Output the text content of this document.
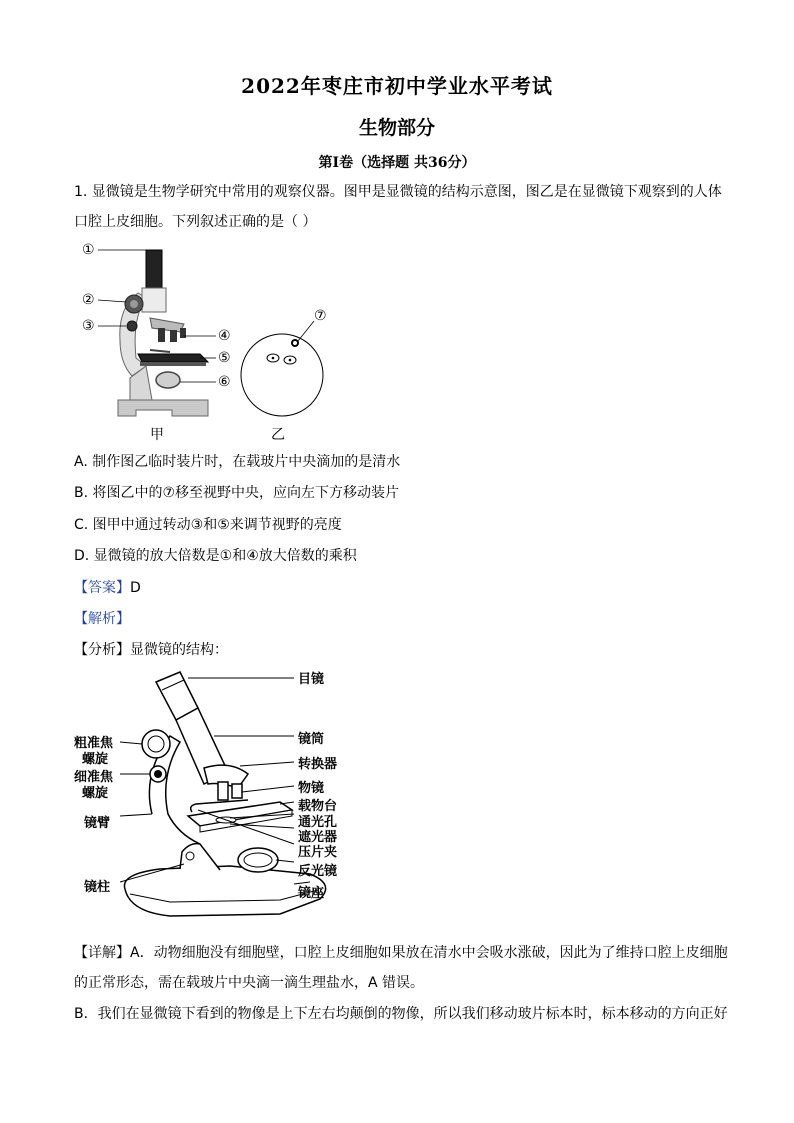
2022年枣庄市初中学业水平考试
生物部分
第Ⅰ卷（选择题 共36分）
1. 显微镜是生物学研究中常用的观察仪器。图甲是显微镜的结构示意图，图乙是在显微镜下观察到的人体
口腔上皮细胞。下列叙述正确的是（ ）
①
②
③
④
⑤
⑥
甲
⑦
乙
A. 制作图乙临时装片时，在载玻片中央滴加的是清水
B. 将图乙中的⑦移至视野中央，应向左下方移动装片
C. 图甲中通过转动③和⑤来调节视野的亮度
D. 显微镜的放大倍数是①和④放大倍数的乘积
【答案】D
【解析】
【分析】显微镜的结构：
目镜
镜筒
转换器
物镜
载物台
通光孔
遮光器
压片夹
反光镜
镜座
粗准焦
螺旋
细准焦
螺旋
镜臂
镜柱
【详解】A．动物细胞没有细胞壁，口腔上皮细胞如果放在清水中会吸水涨破，因此为了维持口腔上皮细胞
的正常形态，需在载玻片中央滴一滴生理盐水，A 错误。
B．我们在显微镜下看到的物像是上下左右均颠倒的物像，所以我们移动玻片标本时，标本移动的方向正好
